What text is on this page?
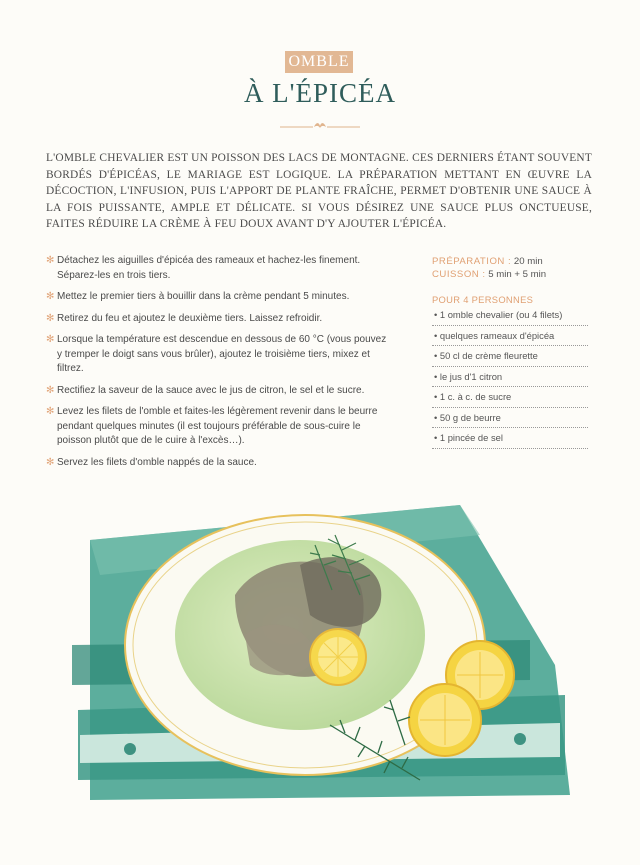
OMBLE
À L'ÉPICÉA
L'OMBLE CHEVALIER EST UN POISSON DES LACS DE MONTAGNE. CES DERNIERS ÉTANT SOUVENT BORDÉS D'ÉPICÉAS, LE MARIAGE EST LOGIQUE. LA PRÉPARATION METTANT EN ŒUVRE LA DÉCOCTION, L'INFUSION, PUIS L'APPORT DE PLANTE FRAÎCHE, PERMET D'OBTENIR UNE SAUCE À LA FOIS PUISSANTE, AMPLE ET DÉLICATE. SI VOUS DÉSIREZ UNE SAUCE PLUS ONCTUEUSE, FAITES RÉDUIRE LA CRÈME À FEU DOUX AVANT D'Y AJOUTER L'ÉPICÉA.
✻ Détachez les aiguilles d'épicéa des rameaux et hachez-les finement. Séparez-les en trois tiers.
✻ Mettez le premier tiers à bouillir dans la crème pendant 5 minutes.
✻ Retirez du feu et ajoutez le deuxième tiers. Laissez refroidir.
✻ Lorsque la température est descendue en dessous de 60 °C (vous pouvez y tremper le doigt sans vous brûler), ajoutez le troisième tiers, mixez et filtrez.
✻ Rectifiez la saveur de la sauce avec le jus de citron, le sel et le sucre.
✻ Levez les filets de l'omble et faites-les légèrement revenir dans le beurre pendant quelques minutes (il est toujours préférable de sous-cuire le poisson plutôt que de le cuire à l'excès…).
✻ Servez les filets d'omble nappés de la sauce.
PRÉPARATION : 20 min
CUISSON : 5 min + 5 min
POUR 4 PERSONNES
• 1 omble chevalier (ou 4 filets)
• quelques rameaux d'épicéa
• 50 cl de crème fleurette
• le jus d'1 citron
• 1 c. à c. de sucre
• 50 g de beurre
• 1 pincée de sel
